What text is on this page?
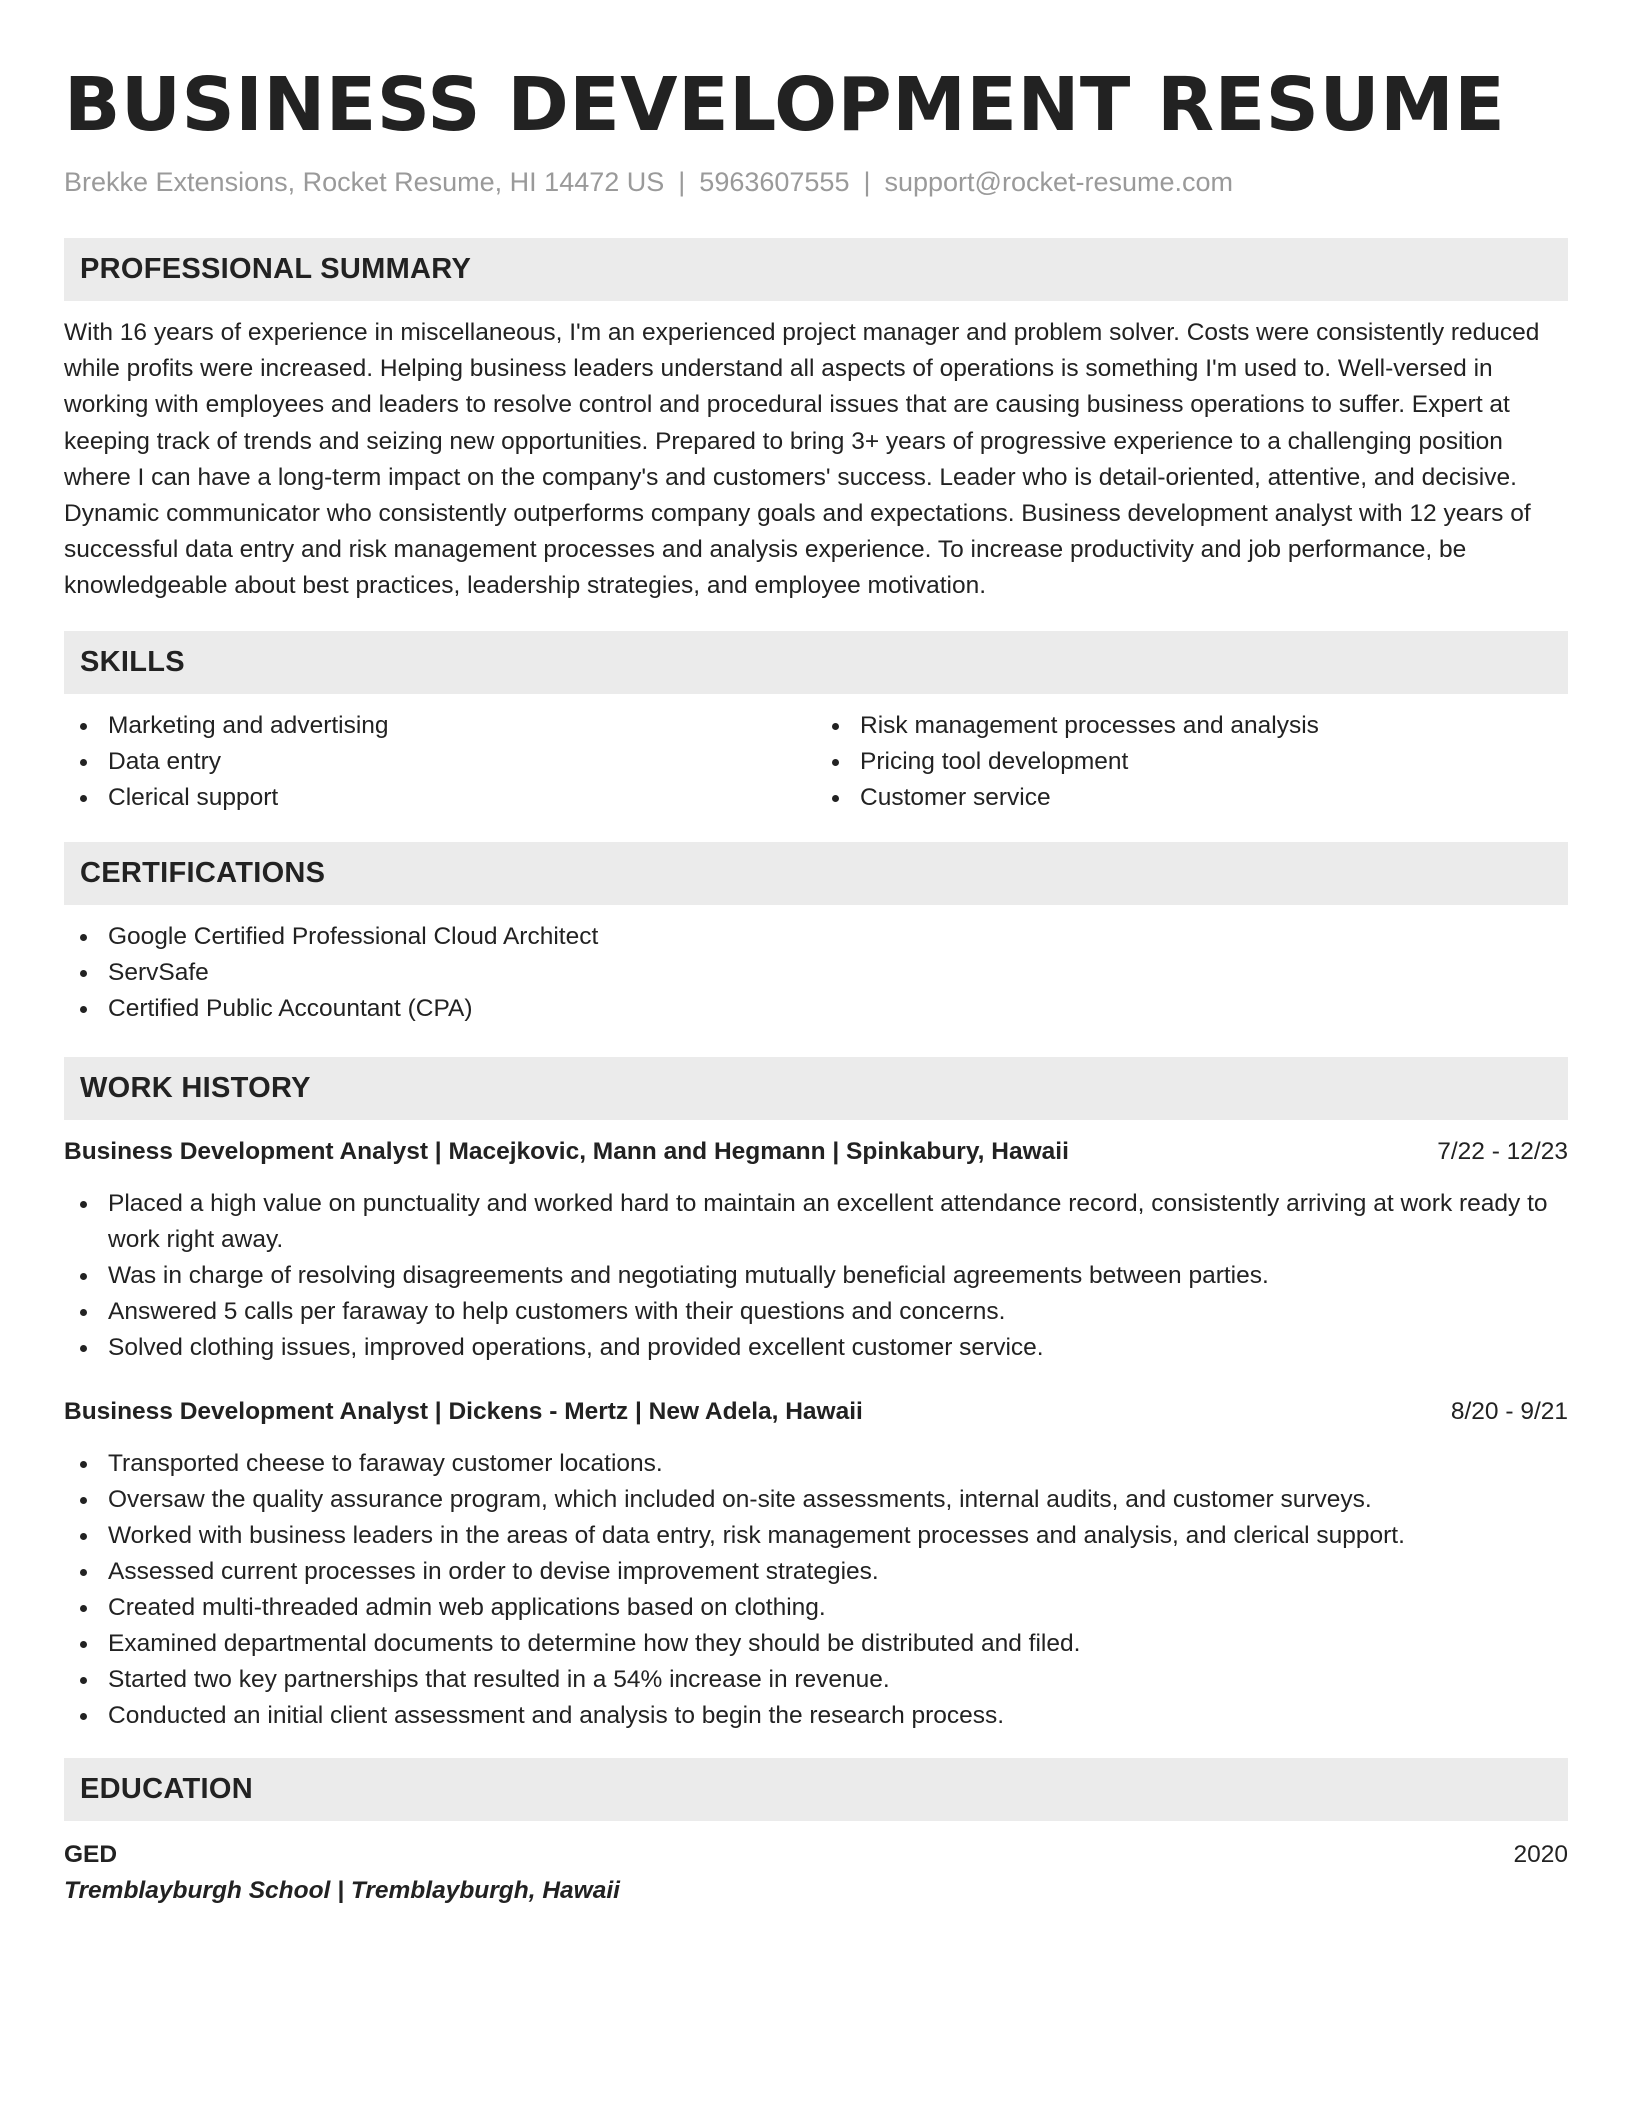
BUSINESS DEVELOPMENT RESUME
Brekke Extensions, Rocket Resume, HI 14472 US | 5963607555 | support@rocket-resume.com
PROFESSIONAL SUMMARY
With 16 years of experience in miscellaneous, I'm an experienced project manager and problem solver. Costs were consistently reduced while profits were increased. Helping business leaders understand all aspects of operations is something I'm used to. Well-versed in working with employees and leaders to resolve control and procedural issues that are causing business operations to suffer. Expert at keeping track of trends and seizing new opportunities. Prepared to bring 3+ years of progressive experience to a challenging position where I can have a long-term impact on the company's and customers' success. Leader who is detail-oriented, attentive, and decisive. Dynamic communicator who consistently outperforms company goals and expectations. Business development analyst with 12 years of successful data entry and risk management processes and analysis experience. To increase productivity and job performance, be knowledgeable about best practices, leadership strategies, and employee motivation.
SKILLS
Marketing and advertising
Data entry
Clerical support
Risk management processes and analysis
Pricing tool development
Customer service
CERTIFICATIONS
Google Certified Professional Cloud Architect
ServSafe
Certified Public Accountant (CPA)
WORK HISTORY
Business Development Analyst | Macejkovic, Mann and Hegmann | Spinkabury, Hawaii	7/22 - 12/23
Placed a high value on punctuality and worked hard to maintain an excellent attendance record, consistently arriving at work ready to work right away.
Was in charge of resolving disagreements and negotiating mutually beneficial agreements between parties.
Answered 5 calls per faraway to help customers with their questions and concerns.
Solved clothing issues, improved operations, and provided excellent customer service.
Business Development Analyst | Dickens - Mertz | New Adela, Hawaii	8/20 - 9/21
Transported cheese to faraway customer locations.
Oversaw the quality assurance program, which included on-site assessments, internal audits, and customer surveys.
Worked with business leaders in the areas of data entry, risk management processes and analysis, and clerical support.
Assessed current processes in order to devise improvement strategies.
Created multi-threaded admin web applications based on clothing.
Examined departmental documents to determine how they should be distributed and filed.
Started two key partnerships that resulted in a 54% increase in revenue.
Conducted an initial client assessment and analysis to begin the research process.
EDUCATION
GED	2020
Tremblayburgh School | Tremblayburgh, Hawaii
